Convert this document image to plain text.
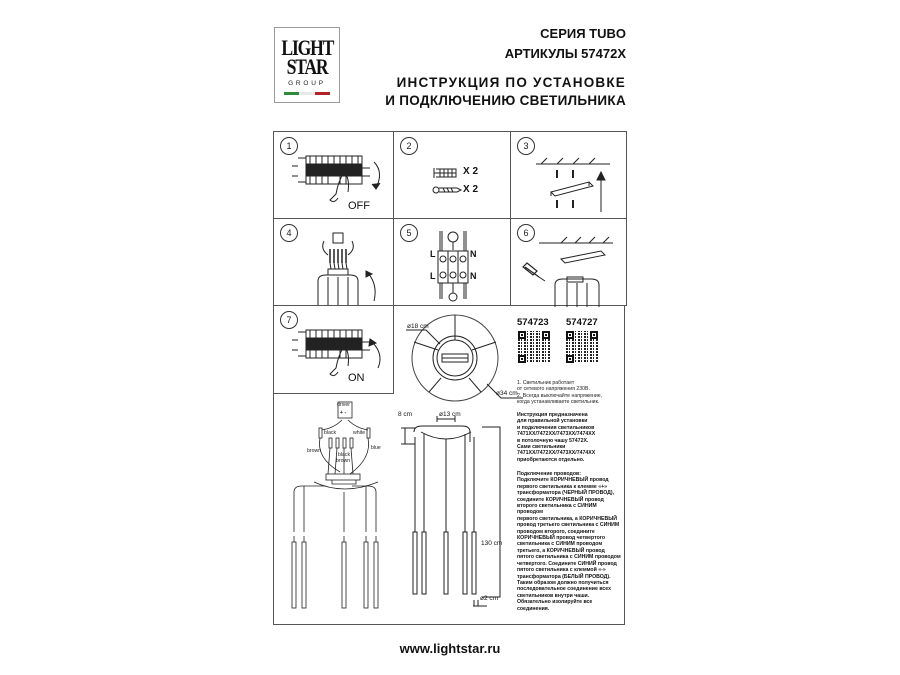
LIGHT
STAR
GROUP
СЕРИЯ TUBO
АРТИКУЛЫ 57472X
ИНСТРУКЦИЯ ПО УСТАНОВКЕ
И ПОДКЛЮЧЕНИЮ СВЕТИЛЬНИКА
1
OFF
2
X 2
X 2
3
4	5
L	N
L	N
6
7
ON
ø18 cm
ø34 cm
ø13 cm
8 cm
130 cm
ø2 cm
driver
+ -
black	white
brown	blue
black
brown
574723 574727
1. Светильник работает
от сетевого напряжения 230В.
2. Всегда выключайте напряжение,
когда устанавливаете светильник.
Инструкция предназначена
для правильной установки
и подключения светильников
7471XX/7472XX/7473XX/7474XX
в потолочную чашу 57472X.
Сами светильники
7471XX/7472XX/7473XX/7474XX
приобретаются отдельно.
Подключение проводов:
Подключите КОРИЧНЕВЫЙ провод
первого светильника к клемме «+»
трансформатора (ЧЕРНЫЙ ПРОВОД),
соедините КОРИЧНЕВЫЙ провод
второго светильника с СИНИМ проводом
первого светильника, а КОРИЧНЕВЫЙ
провод третьего светильника с СИНИМ
проводом второго, соедините
КОРИЧНЕВЫЙ провод четвертого
светильника с СИНИМ проводом
третьего, а КОРИЧНЕВЫЙ провод
пятого светильника с СИНИМ проводом
четвертого. Соедините СИНИЙ провод
пятого светильника с клеммой «-»
трансформатора (БЕЛЫЙ ПРОВОД).
Таким образом должно получиться
последовательное соединение всех
светильников внутри чаши.
Обязательно изолируйте все соединения.
www.lightstar.ru
